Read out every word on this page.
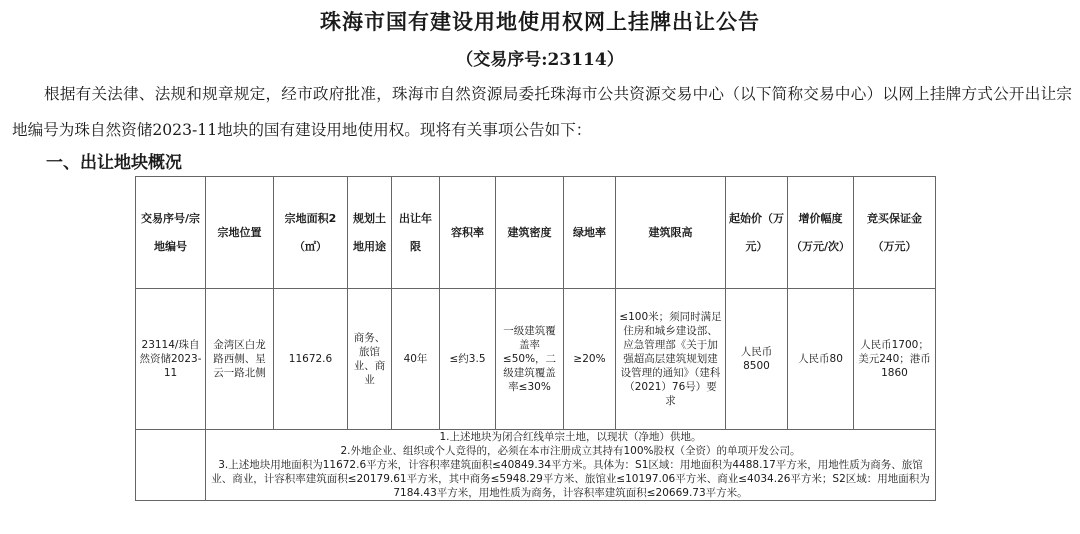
珠海市国有建设用地使用权网上挂牌出让公告
（交易序号:23114）
根据有关法律、法规和规章规定，经市政府批准，珠海市自然资源局委托珠海市公共资源交易中心（以下简称交易中心）以网上挂牌方式公开出让宗地编号为珠自然资储2023-11地块的国有建设用地使用权。现将有关事项公告如下：
一、出让地块概况
交易序号/宗地编号	宗地位置	宗地面积2（㎡）	规划土地用途	出让年限	容积率	建筑密度	绿地率	建筑限高	起始价（万元）	增价幅度（万元/次）	竞买保证金（万元）
23114/珠自然资储2023-11	金湾区白龙路西侧、星云一路北侧	11672.6	商务、旅馆业、商业	40年	≤约3.5	一级建筑覆盖率≤50%，二级建筑覆盖率≤30%	≥20%	≤100米；须同时满足住房和城乡建设部、应急管理部《关于加强超高层建筑规划建设管理的通知》（建科（2021）76号）要求	人民币8500	人民币80	人民币1700；美元240；港币1860

	1.上述地块为闭合红线单宗土地，以现状（净地）供地。
2.外地企业、组织或个人竞得的，必须在本市注册成立其持有100%股权（全资）的单项开发公司。
3.上述地块用地面积为11672.6平方米，计容积率建筑面积≤40849.34平方米。具体为：S1区域：用地面积为4488.17平方米，用地性质为商务、旅馆业、商业，计容积率建筑面积≤20179.61平方米，其中商务≤5948.29平方米、旅馆业≤10197.06平方米、商业≤4034.26平方米；S2区域：用地面积为7184.43平方米，用地性质为商务，计容积率建筑面积≤20669.73平方米。										
